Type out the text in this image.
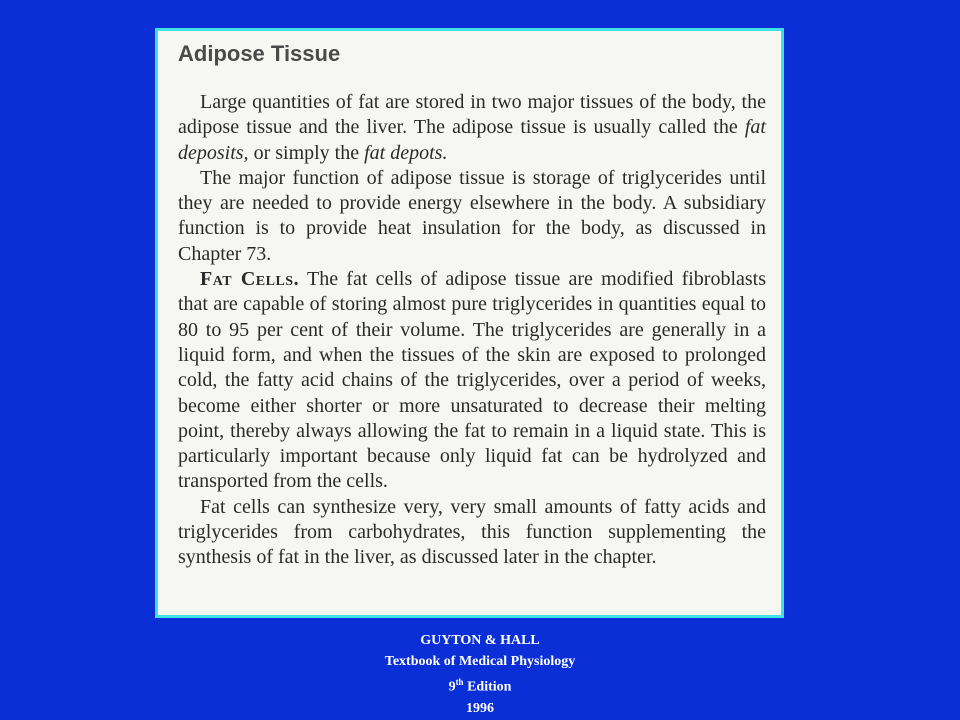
Adipose Tissue

Large quantities of fat are stored in two major tissues of the body, the adipose tissue and the liver. The adipose tissue is usually called the fat deposits, or simply the fat depots.

The major function of adipose tissue is storage of triglycerides until they are needed to provide energy elsewhere in the body. A subsidiary function is to provide heat insulation for the body, as discussed in Chapter 73.

Fat Cells. The fat cells of adipose tissue are modified fibroblasts that are capable of storing almost pure triglycerides in quantities equal to 80 to 95 per cent of their volume. The triglycerides are generally in a liquid form, and when the tissues of the skin are exposed to prolonged cold, the fatty acid chains of the triglycerides, over a period of weeks, become either shorter or more unsaturated to decrease their melting point, thereby always allowing the fat to remain in a liquid state. This is particularly important because only liquid fat can be hydrolyzed and transported from the cells.

Fat cells can synthesize very, very small amounts of fatty acids and triglycerides from carbohydrates, this function supplementing the synthesis of fat in the liver, as discussed later in the chapter.

GUYTON & HALL
Textbook of Medical Physiology
9th Edition
1996
